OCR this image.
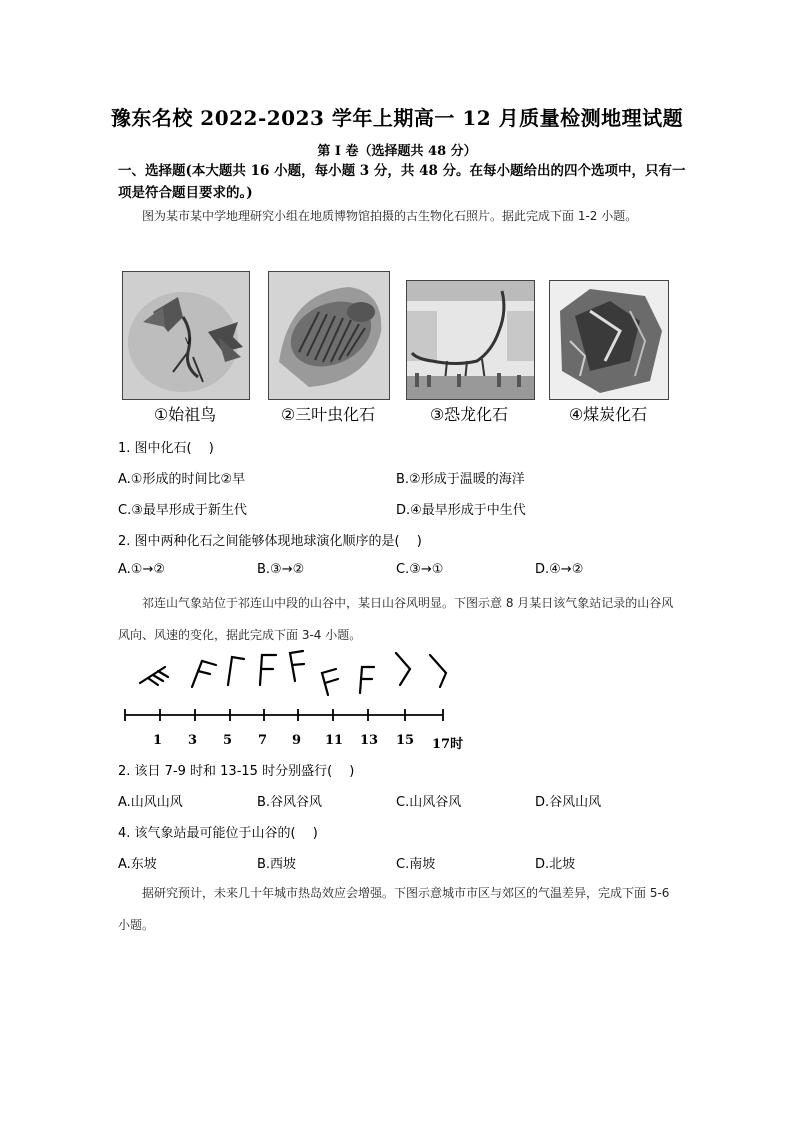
豫东名校 2022-2023 学年上期高一 12 月质量检测地理试题
第 I 卷（选择题共 48 分）
一、选择题(本大题共 16 小题，每小题 3 分，共 48 分。在每小题给出的四个选项中，只有一项是符合题目要求的。)
图为某市某中学地理研究小组在地质博物馆拍摄的古生物化石照片。据此完成下面 1-2 小题。
V
①始祖鸟	②三叶虫化石	③恐龙化石	④煤炭化石
1. 图中化石(　 )
A.①形成的时间比②早	B.②形成于温暖的海洋
C.③最早形成于新生代	D.④最早形成于中生代
2. 图中两种化石之间能够体现地球演化顺序的是(　 )
A.①→②	B.③→②	C.③→①	D.④→②
祁连山气象站位于祁连山中段的山谷中，某日山谷风明显。下图示意 8 月某日该气象站记录的山谷风风向、风速的变化，据此完成下面 3-4 小题。
1 3 5 7 9 11 13 15 17时
2. 该日 7-9 时和 13-15 时分别盛行(　 )
A.山风山风	B.谷风谷风	C.山风谷风	D.谷风山风
4. 该气象站最可能位于山谷的(　 )
A.东坡	B.西坡	C.南坡	D.北坡
据研究预计，未来几十年城市热岛效应会增强。下图示意城市市区与郊区的气温差异，完成下面 5-6 小题。
